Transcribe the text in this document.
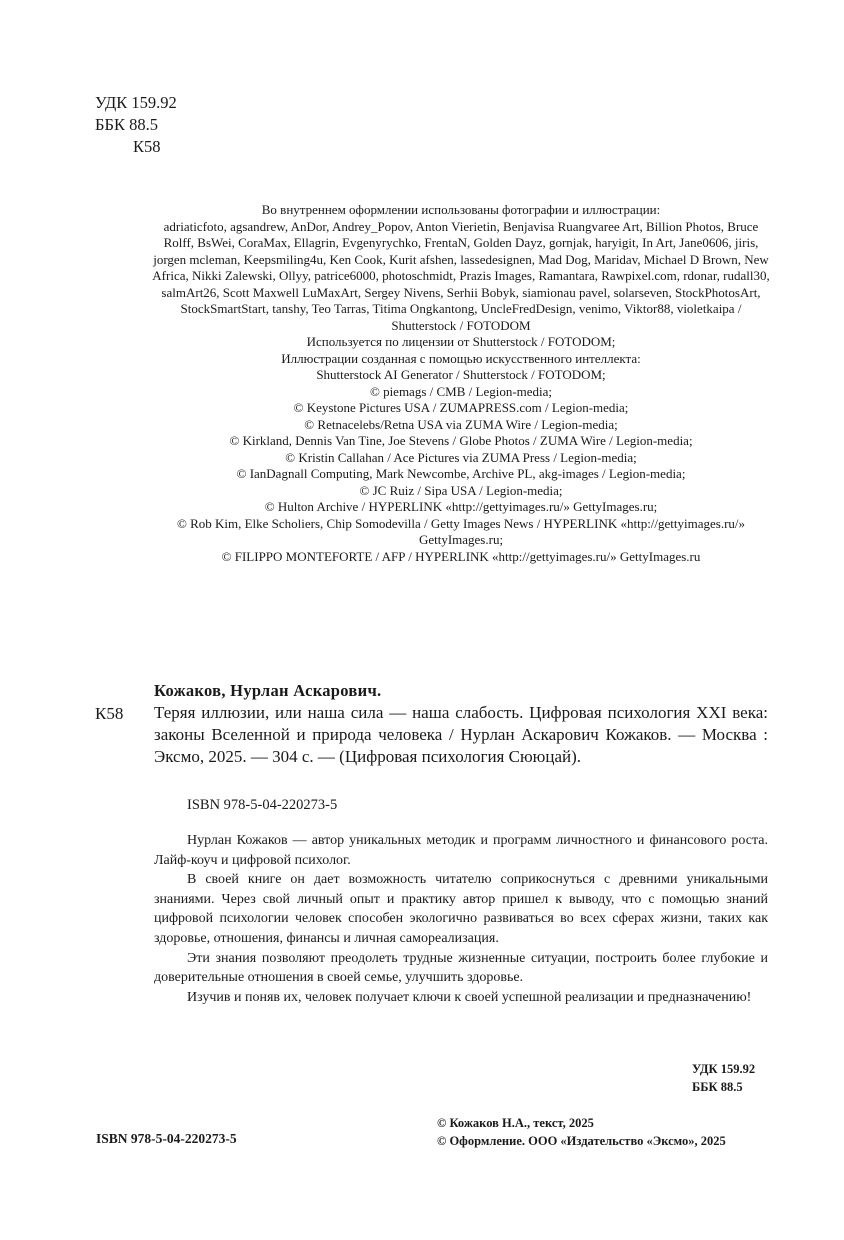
УДК 159.92
ББК 88.5
К58
Во внутреннем оформлении использованы фотографии и иллюстрации:
adriaticfoto, agsandrew, AnDor, Andrey_Popov, Anton Vierietin, Benjavisa Ruangvaree Art, Billion Photos, Bruce Rolff, BsWei, CoraMax, Ellagrin, Evgenyrychko, FrentaN, Golden Dayz, gornjak, haryigit, In Art, Jane0606, jiris, jorgen mcleman, Keepsmiling4u, Ken Cook, Kurit afshen, lassedesignen, Mad Dog, Maridav, Michael D Brown, New Africa, Nikki Zalewski, Ollyy, patrice6000, photoschmidt, Prazis Images, Ramantara, Rawpixel.com, rdonar, rudall30, salmArt26, Scott Maxwell LuMaxArt, Sergey Nivens, Serhii Bobyk, siamionau pavel, solarseven, StockPhotosArt, StockSmartStart, tanshy, Teo Tarras, Titima Ongkantong, UncleFredDesign, venimo, Viktor88, violetkaipa / Shutterstock / FOTODOM
Используется по лицензии от Shutterstock / FOTODOM;
Иллюстрации созданная с помощью искусственного интеллекта:
Shutterstock AI Generator / Shutterstock / FOTODOM;
© piemags / CMB / Legion-media;
© Keystone Pictures USA / ZUMAPRESS.com / Legion-media;
© Retnacelebs/Retna USA via ZUMA Wire / Legion-media;
© Kirkland, Dennis Van Tine, Joe Stevens / Globe Photos / ZUMA Wire / Legion-media;
© Kristin Callahan / Ace Pictures via ZUMA Press / Legion-media;
© IanDagnall Computing, Mark Newcombe, Archive PL, akg-images / Legion-media;
© JC Ruiz / Sipa USA / Legion-media;
© Hulton Archive / HYPERLINK «http://gettyimages.ru/» GettyImages.ru;
© Rob Kim, Elke Scholiers, Chip Somodevilla / Getty Images News / HYPERLINK «http://gettyimages.ru/» GettyImages.ru;
© FILIPPO MONTEFORTE / AFP / HYPERLINK «http://gettyimages.ru/» GettyImages.ru
Кожаков, Нурлан Аскарович.
К58 Теряя иллюзии, или наша сила — наша слабость. Цифровая психология XXI века: законы Вселенной и природа человека / Нурлан Аскарович Кожаков. — Москва : Эксмо, 2025. — 304 с. — (Цифровая психология Сююцай).
ISBN 978-5-04-220273-5

Нурлан Кожаков — автор уникальных методик и программ личностного и финансового роста. Лайф-коуч и цифровой психолог.

В своей книге он дает возможность читателю соприкоснуться с древними уникальными знаниями. Через свой личный опыт и практику автор пришел к выводу, что с помощью знаний цифровой психологии человек способен экологично развиваться во всех сферах жизни, таких как здоровье, отношения, финансы и личная самореализация.

Эти знания позволяют преодолеть трудные жизненные ситуации, построить более глубокие и доверительные отношения в своей семье, улучшить здоровье.

Изучив и поняв их, человек получает ключи к своей успешной реализации и предназначению!

УДК 159.92
ББК 88.5
ISBN 978-5-04-220273-5
© Кожаков Н.А., текст, 2025
© Оформление. ООО «Издательство «Эксмо», 2025
